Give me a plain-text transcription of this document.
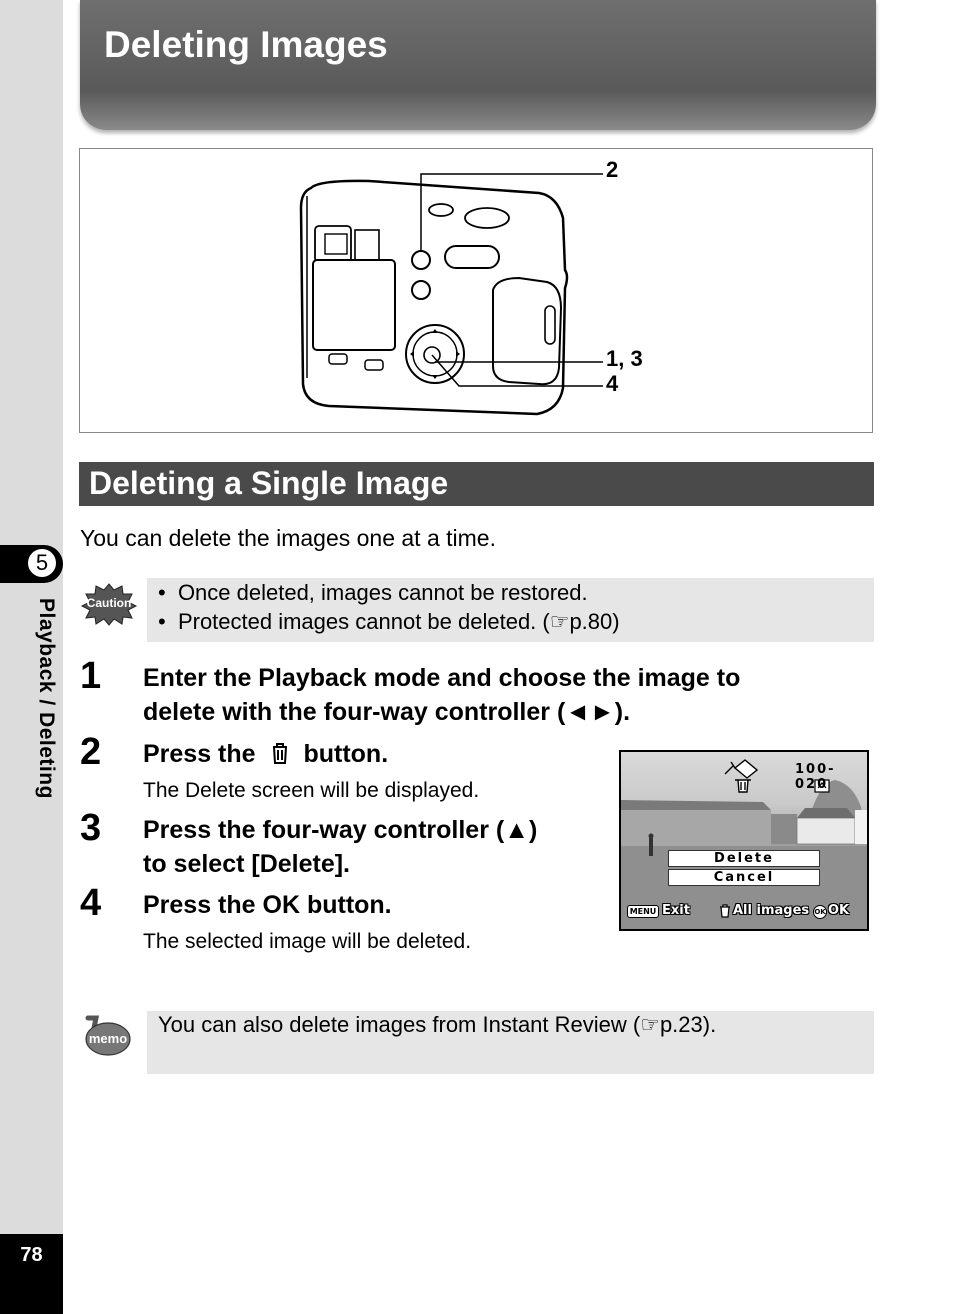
5
Playback / Deleting
78
Deleting Images
2
1, 3
4
Deleting a Single Image
You can delete the images one at a time.
Caution •  Once deleted, images cannot be restored.
•  Protected images cannot be deleted. (☞p.80)
1 Enter the Playback mode and choose the image to
delete with the four-way controller (◄►).
2 Press the button.
The Delete screen will be displayed.
3 Press the four-way controller (▲)
to select [Delete].
4 Press the OK button.
The selected image will be deleted.
100-020
Delete
Cancel
MENU Exit	All images OK OK
memo
You can also delete images from Instant Review (☞p.23).
